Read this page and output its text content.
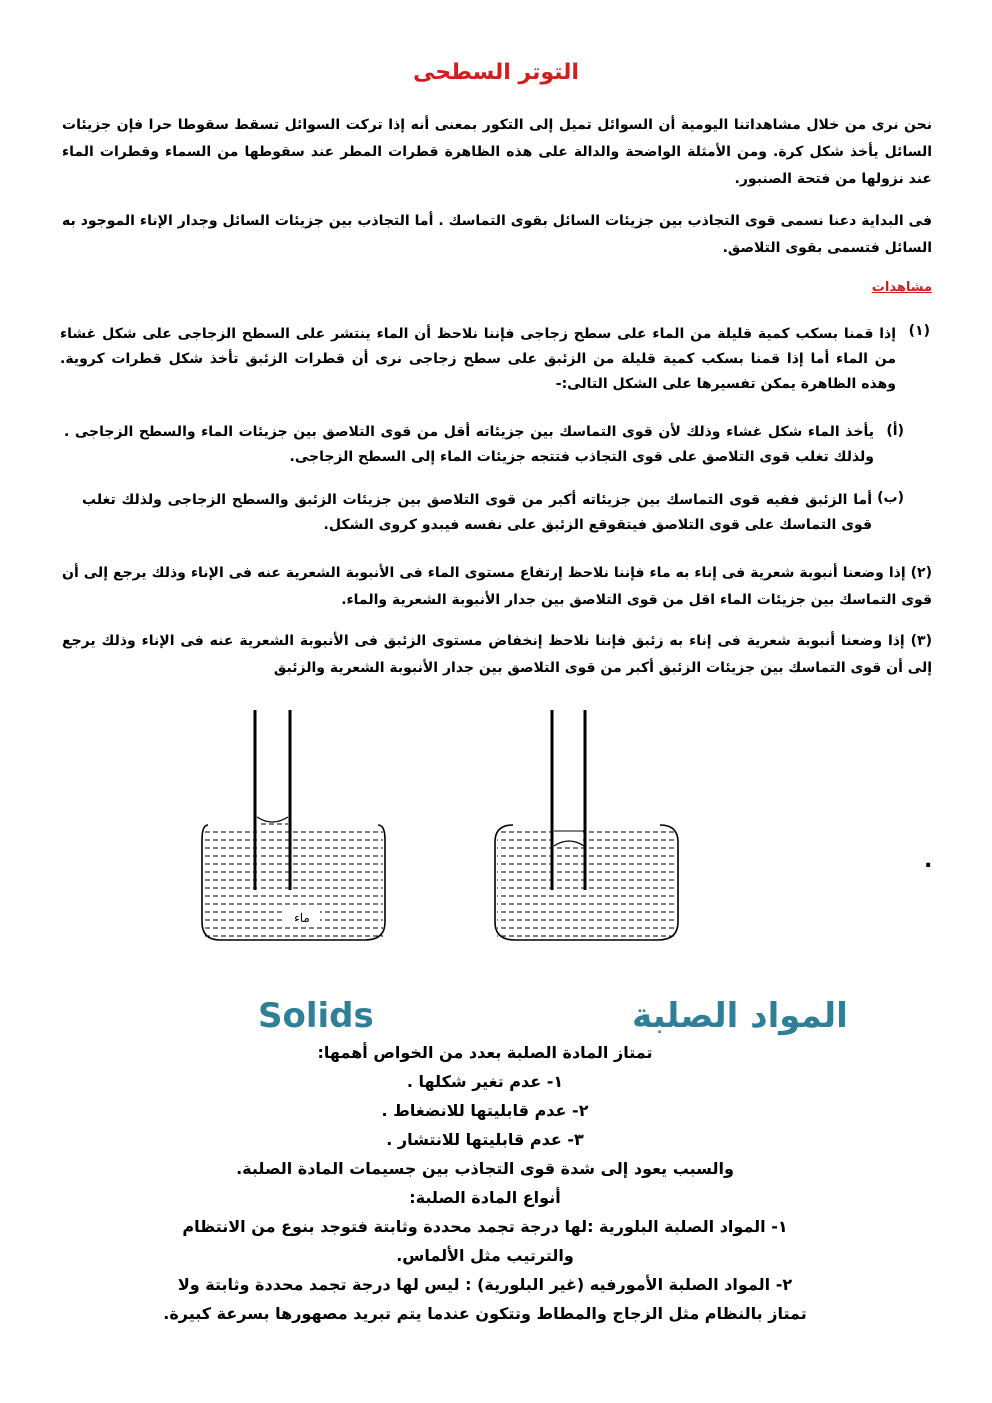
التوتر السطحى
نحن نرى من خلال مشاهداتنا اليومية أن السوائل تميل إلى التكور بمعنى أنه إذا تركت السوائل تسقط سقوطا حرا فإن جزيئات السائل يأخذ شكل كرة. ومن الأمثلة الواضحة والدالة على هذه الظاهرة قطرات المطر عند سقوطها من السماء وقطرات الماء عند نزولها من فتحة الصنبور.
فى البداية دعنا نسمى قوى التجاذب بين جزيئات السائل بقوى التماسك . أما التجاذب بين جزيئات السائل وجدار الإناء الموجود به السائل فتسمى بقوى التلاصق.
مشاهدات
(١)
إذا قمنا بسكب كمية قليلة من الماء على سطح زجاجى فإننا نلاحظ أن الماء ينتشر على السطح الزجاجى على شكل غشاء من الماء أما إذا قمنا بسكب كمية قليلة من الزئبق على سطح زجاجى نرى أن قطرات الزئبق تأخذ شكل قطرات كروية. وهذه الظاهرة يمكن تفسيرها على الشكل التالى:-
(أ)
يأخذ الماء شكل غشاء وذلك لأن قوى التماسك بين جزيئاته أقل من قوى التلاصق بين جزيئات الماء والسطح الزجاجى . ولذلك تغلب قوى التلاصق على قوى التجاذب فتتجه جزيئات الماء إلى السطح الزجاجى.
(ب)
أما الزئبق ففيه قوى التماسك بين جزيئاته أكبر من قوى التلاصق بين جزيئات الزئبق والسطح الزجاجى ولذلك تغلب قوى التماسك على قوى التلاصق فيتقوقع الزئبق على نفسه فيبدو كروى الشكل.
(٢) إذا وضعنا أنبوبة شعرية فى إناء به ماء فإننا نلاحظ إرتفاع مستوى الماء فى الأنبوبة الشعرية عنه فى الإناء وذلك يرجع إلى أن قوى التماسك بين جزيئات الماء اقل من قوى التلاصق بين جدار الأنبوبة الشعرية والماء.
(٣) إذا وضعنا أنبوبة شعرية فى إناء به زئبق فإننا نلاحظ إنخفاض مستوى الزئبق فى الأنبوبة الشعرية عنه فى الإناء وذلك يرجع إلى أن قوى التماسك بين جزيئات الزئبق أكبر من قوى التلاصق بين جدار الأنبوبة الشعرية والزئبق
ماء
.
Solids	المواد الصلبة
تمتاز المادة الصلبة بعدد من الخواص أهمها:
١- عدم تغير شكلها .
٢- عدم قابليتها للانضغاط .
٣- عدم قابليتها للانتشار .
والسبب يعود إلى شدة قوى التجاذب بين جسيمات المادة الصلبة.
أنواع المادة الصلبة:
١- المواد الصلبة البلورية :لها درجة تجمد محددة وثابتة فتوجد بنوع من الانتظام
والترتيب مثل الألماس.
٢- المواد الصلبة الأمورفيه (غير البلورية) : ليس لها درجة تجمد محددة وثابتة ولا
تمتاز بالنظام مثل الزجاج والمطاط وتتكون عندما يتم تبريد مصهورها بسرعة كبيرة.
